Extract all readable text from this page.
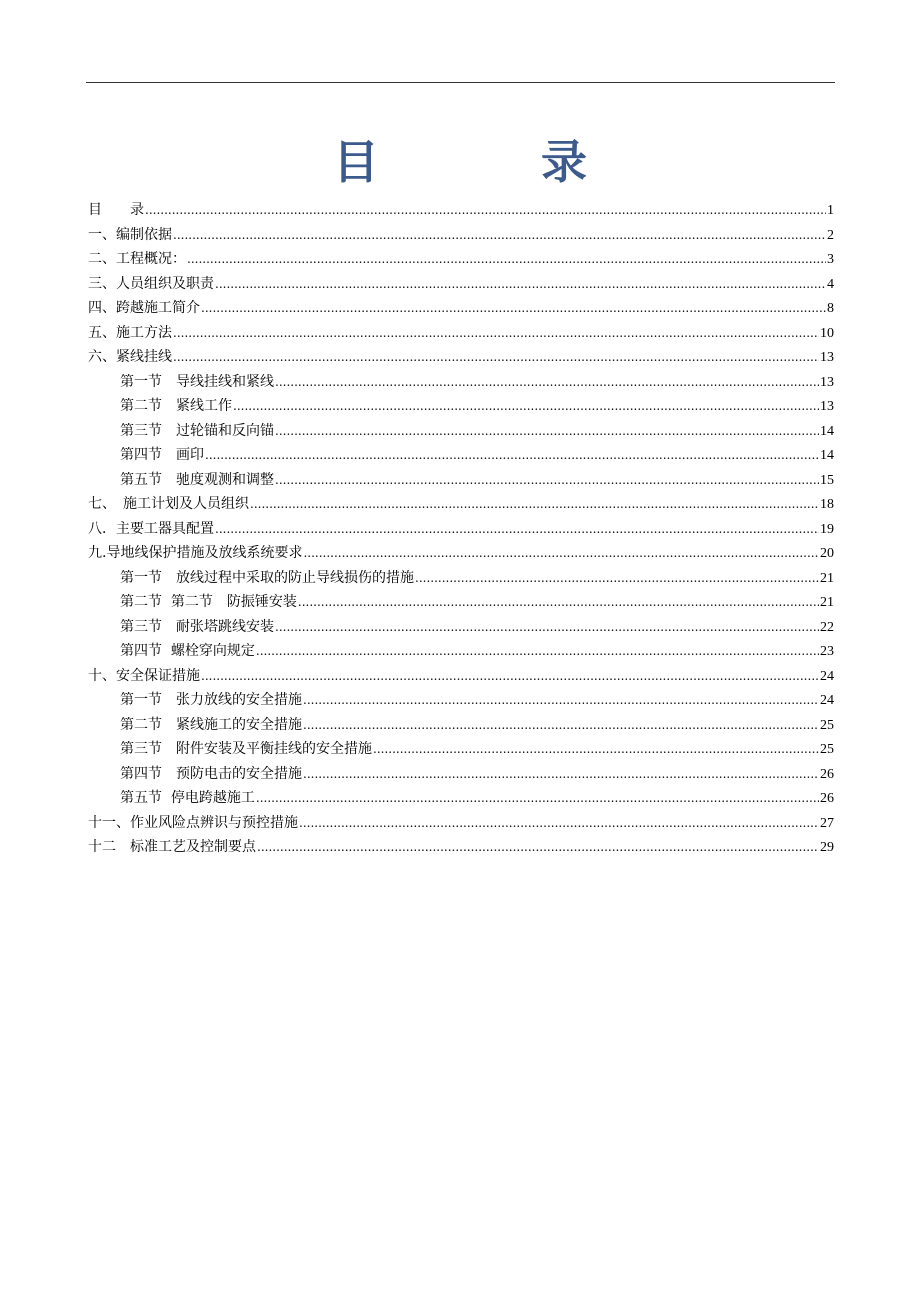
目　录
目　　录 .....	1
一、编制依据 .....	2
二、工程概况： .....	3
三、人员组织及职责 .....	4
四、跨越施工简介 .....	8
五、施工方法 .....	10
六、紧线挂线 .....	13
第一节　导线挂线和紧线 .....	13
第二节　紧线工作 .....	13
第三节　过轮锚和反向锚 .....	14
第四节　画印 .....	14
第五节　驰度观测和调整 .....	15
七、　施工计划及人员组织 .....	18
八．主要工器具配置 .....	19
九.导地线保护措施及放线系统要求 .....	20
第一节　放线过程中采取的防止导线损伤的措施 .....	21
第二节  第二节　防振锤安装 .....	21
第三节　耐张塔跳线安装 .....	22
第四节  螺栓穿向规定 .....	23
十、安全保证措施 .....	24
第一节　张力放线的安全措施 .....	24
第二节　紧线施工的安全措施 .....	25
第三节　附件安装及平衡挂线的安全措施 .....	25
第四节　预防电击的安全措施 .....	26
第五节  停电跨越施工 .....	26
十一、作业风险点辨识与预控措施 .....	27
十二　标准工艺及控制要点 .....	29
